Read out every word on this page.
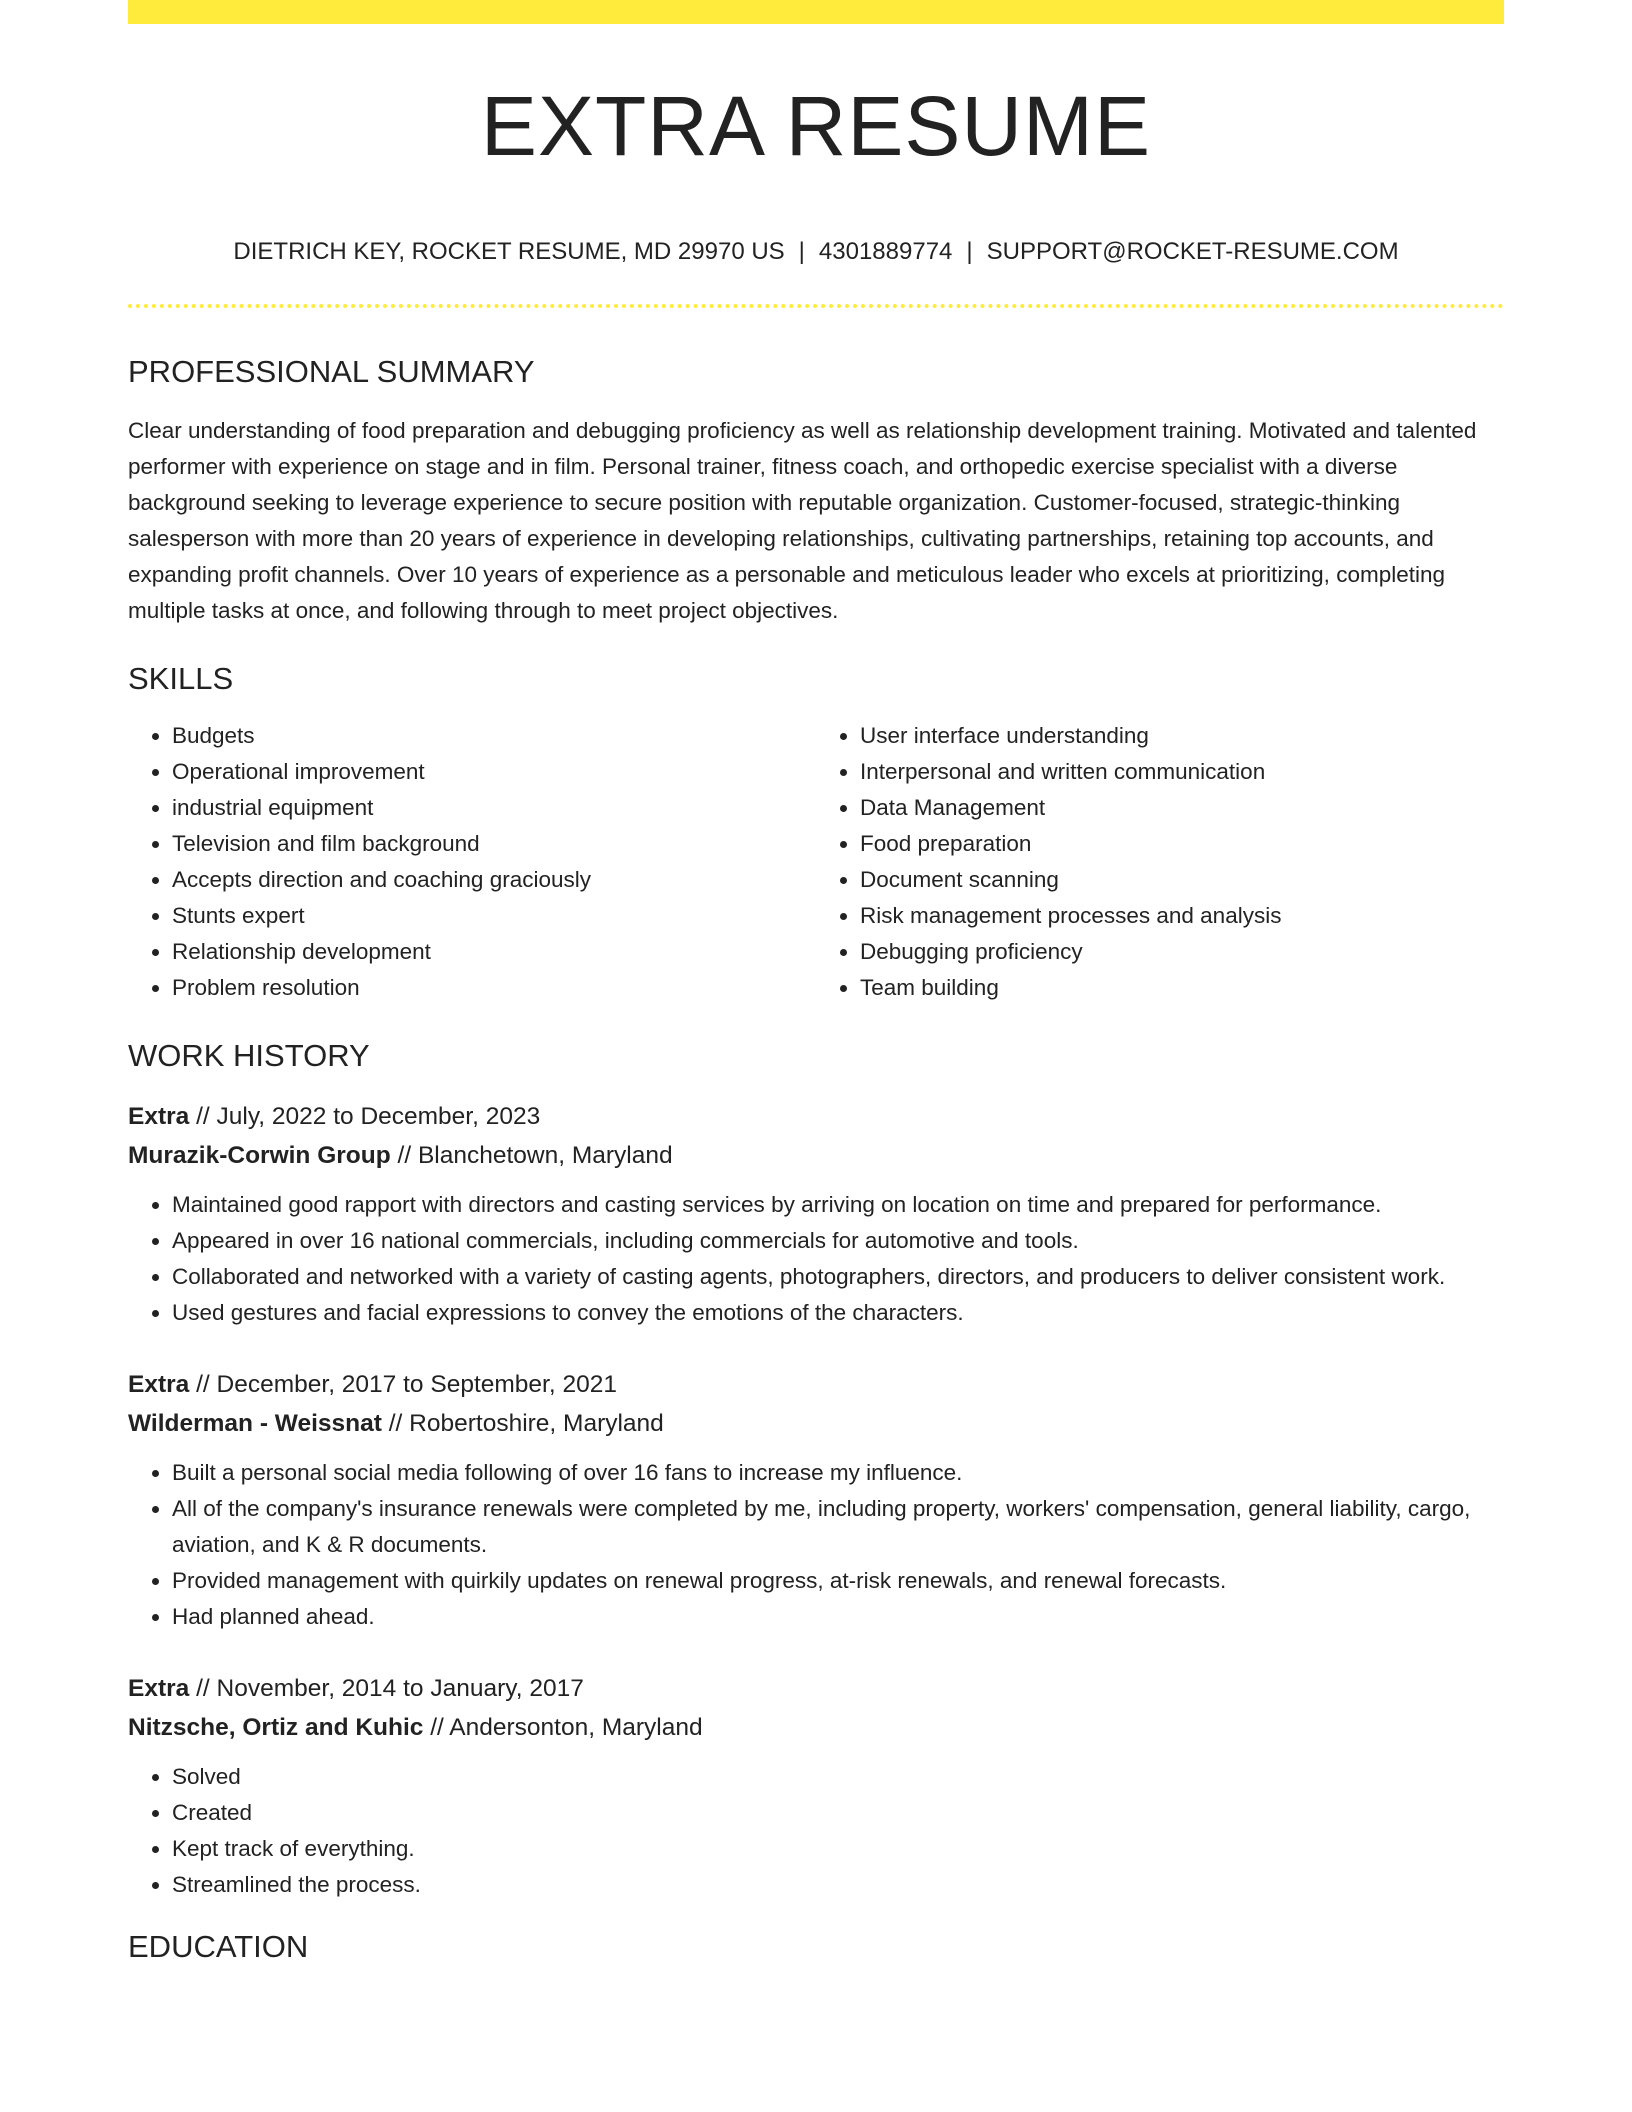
EXTRA RESUME
DIETRICH KEY, ROCKET RESUME, MD 29970 US | 4301889774 | SUPPORT@ROCKET-RESUME.COM
PROFESSIONAL SUMMARY

Clear understanding of food preparation and debugging proficiency as well as relationship development training. Motivated and talented performer with experience on stage and in film. Personal trainer, fitness coach, and orthopedic exercise specialist with a diverse background seeking to leverage experience to secure position with reputable organization. Customer-focused, strategic-thinking salesperson with more than 20 years of experience in developing relationships, cultivating partnerships, retaining top accounts, and expanding profit channels. Over 10 years of experience as a personable and meticulous leader who excels at prioritizing, completing multiple tasks at once, and following through to meet project objectives.

SKILLS
• Budgets
• Operational improvement
• industrial equipment
• Television and film background
• Accepts direction and coaching graciously
• Stunts expert
• Relationship development
• Problem resolution
• User interface understanding
• Interpersonal and written communication
• Data Management
• Food preparation
• Document scanning
• Risk management processes and analysis
• Debugging proficiency
• Team building
WORK HISTORY
Extra // July, 2022 to December, 2023
Murazik-Corwin Group // Blanchetown, Maryland
• Maintained good rapport with directors and casting services by arriving on location on time and prepared for performance.
• Appeared in over 16 national commercials, including commercials for automotive and tools.
• Collaborated and networked with a variety of casting agents, photographers, directors, and producers to deliver consistent work.
• Used gestures and facial expressions to convey the emotions of the characters.
Extra // December, 2017 to September, 2021
Wilderman - Weissnat // Robertoshire, Maryland
• Built a personal social media following of over 16 fans to increase my influence.
• All of the company's insurance renewals were completed by me, including property, workers' compensation, general liability, cargo, aviation, and K & R documents.
• Provided management with quirkily updates on renewal progress, at-risk renewals, and renewal forecasts.
• Had planned ahead.
Extra // November, 2014 to January, 2017
Nitzsche, Ortiz and Kuhic // Andersonton, Maryland
• Solved
• Created
• Kept track of everything.
• Streamlined the process.
EDUCATION
